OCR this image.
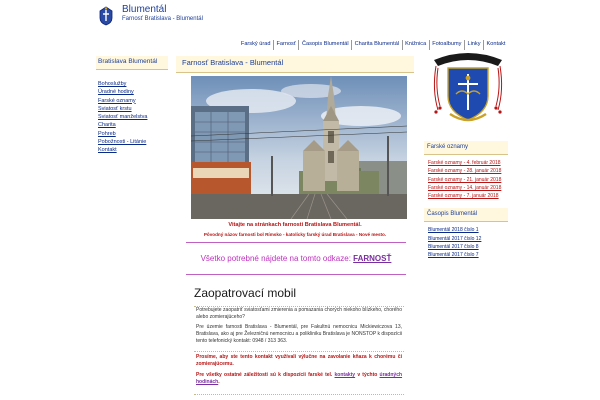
Blumentál
Farnosť Bratislava - Blumentál
Farský úrad	Farnosť	Časopis Blumentál	Charita Blumentál	Knižnica	Fotoalbumy	Linky	Kontakt
Bratislava Blumentál
Bohoslužby
Úradné hodiny
Farské oznamy
Sviatosť krstu
Sviatosť manželstva
Charita
Pohreb
Pobožnosti - Litánie
Kontakt
Farnosť Bratislava - Blumentál
Vitajte na stránkach farnosti Bratislava Blumentál.
Pôvodný názov farnosti bol Rímsko - katolícky farský úrad Bratislava - Nové mesto.
Všetko potrebné nájdete na tomto odkaze: FARNOSŤ
Zaopatrovací mobil
Potrebujete zaopatriť sviatosťami zmierenia a pomazania chorých niekoho blízkeho, chorého alebo zomierajúceho?
Pre územie farnosti Bratislava - Blumentál, pre Fakultnú nemocnicu Mickiewiczova 13, Bratislava, ako aj pre Železničnú nemocnicu a polikliniku Bratislava je NONSTOP k dispozícii tento telefonický kontakt: 0948 / 313 363.
Prosíme, aby ste tento kontakt využívali výlučne na zavolanie kňaza k chorému či zomierajúcemu.
Pre všetky ostatné záležitosti sú k dispozícii farské tel. kontakty v týchto úradných hodinách.
Farské oznamy
Farské oznamy - 4. február 2018
Farské oznamy - 28. január 2018
Farské oznamy - 21. január 2018
Farské oznamy - 14. január 2018
Farské oznamy - 7. január 2018
Časopis Blumentál
Blumentál 2018 číslo 1
Blumentál 2017 číslo 12
Blumentál 2017 číslo 8
Blumentál 2017 číslo 7
